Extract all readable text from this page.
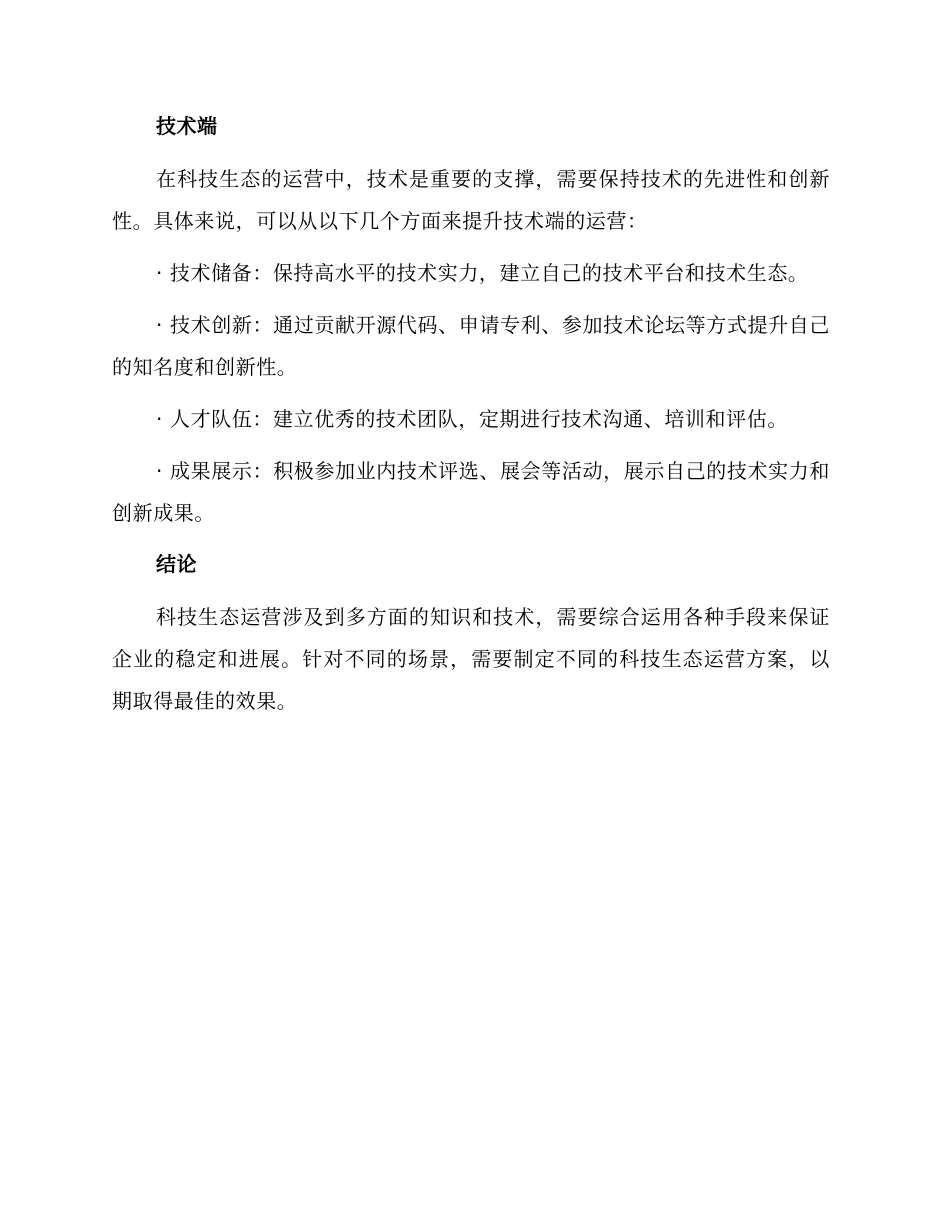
技术端

在科技生态的运营中，技术是重要的支撑，需要保持技术的先进性和创新性。具体来说，可以从以下几个方面来提升技术端的运营：

· 技术储备：保持高水平的技术实力，建立自己的技术平台和技术生态。

· 技术创新：通过贡献开源代码、申请专利、参加技术论坛等方式提升自己的知名度和创新性。

· 人才队伍：建立优秀的技术团队，定期进行技术沟通、培训和评估。

· 成果展示：积极参加业内技术评选、展会等活动，展示自己的技术实力和创新成果。

结论

科技生态运营涉及到多方面的知识和技术，需要综合运用各种手段来保证企业的稳定和进展。针对不同的场景，需要制定不同的科技生态运营方案，以期取得最佳的效果。
